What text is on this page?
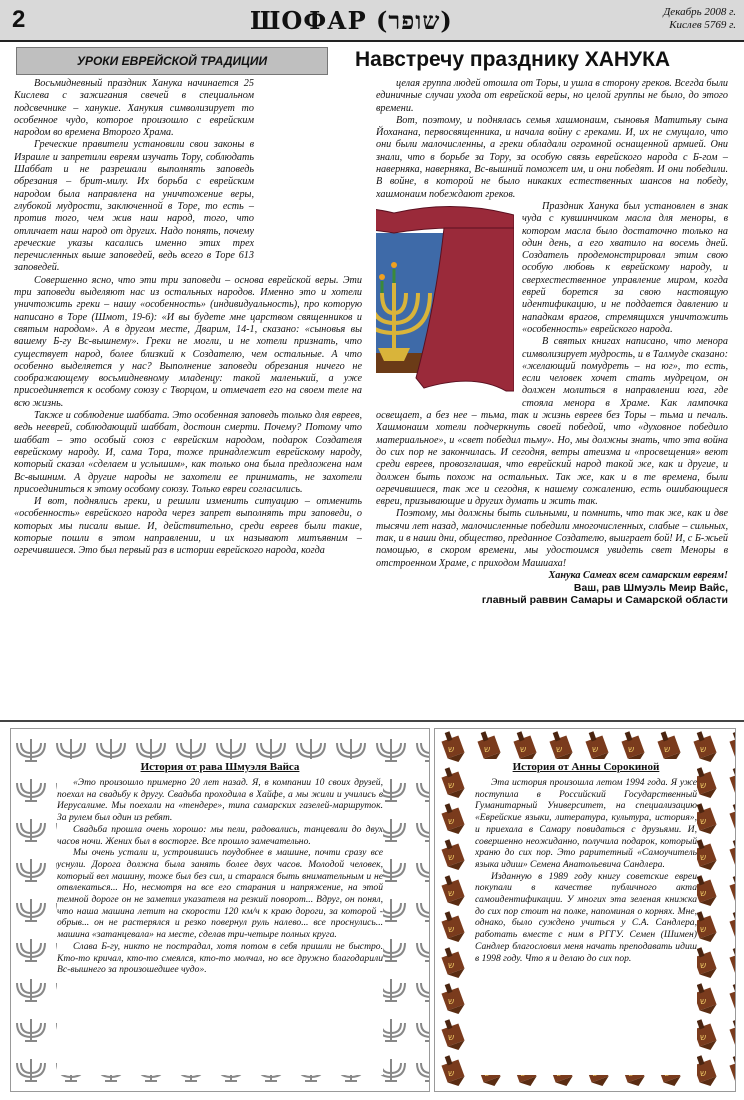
2	ШОФАР (שופר)	Декабрь 2008 г.
Кислев 5769 г.
УРОКИ ЕВРЕЙСКОЙ ТРАДИЦИИ	Навстречу празднику ХАНУКА

Восьмидневный праздник Ханука начинается 25 Кислева с зажигания свечей в специальном подсвечнике – ханукие. Ханукия символизирует то особенное чудо, которое произошло с еврейским народом во времена Второго Храма.

Греческие правители установили свои законы в Израиле и запретили евреям изучать Тору, соблюдать Шаббат и не разрешали выполнять заповедь обрезания – брит-милу. Их борьба с еврейским народом была направлена на уничтожение веры, глубокой мудрости, заключенной в Торе, то есть – против того, чем жив наш народ, того, что отличает наш народ от других. Надо понять, почему греческие указы касались именно этих трех перечисленных выше заповедей, ведь всего в Торе 613 заповедей.

Совершенно ясно, что эти три заповеди – основа еврейской веры. Эти три заповеди выделяют нас из остальных народов. Именно это и хотели уничтожить греки – нашу «особенность» (индивидуальность), про которую написано в Торе (Шмот, 19-6): «И вы будете мне царством священников и святым народом». А в другом месте, Дварим, 14-1, сказано: «сыновья вы вашему Б-гу Вс-вышнему». Греки не могли, и не хотели признать, что существует народ, более близкий к Создателю, чем остальные. А что особенно выделяется у нас? Выполнение заповеди обрезания ничего не соображающему восьмидневному младенцу: такой маленький, а уже присоединяется к особому союзу с Творцом, и отмечает его на своем теле на всю жизнь.

Также и соблюдение шаббата. Это особенная заповедь только для евреев, ведь нееврей, соблюдающий шаббат, достоин смерти. Почему? Потому что шаббат – это особый союз с еврейским народом, подарок Создателя еврейскому народу. И, сама Тора, тоже принадлежит еврейскому народу, который сказал «сделаем и услышим», как только она была предложена нам Вс-вышним. А другие народы не захотели ее принимать, не захотели присоединиться к этому особому союзу. Только евреи согласились.

И вот, поднялись греки, и решили изменить ситуацию – отменить «особенность» еврейского народа через запрет выполнять три заповеди, о которых мы писали выше. И, действительно, среди евреев были такие, которые пошли в этом направлении, и их называют митъявним – огречившиеся. Это был первый раз в истории еврейского народа, когда

целая группа людей отошла от Торы, и ушла в сторону греков. Всегда были единичные случаи ухода от еврейской веры, но целой группы не было, до этого времени.

Вот, поэтому, и поднялась семья хашмонаим, сыновья Матитьяу сына Йоханана, первосвященника, и начала войну с греками. И, их не смущало, что они были малочисленны, а греки обладали огромной оснащенной армией. Они знали, что в борьбе за Тору, за особую связь еврейского народа с Б-гом – наверняка, наверняка, Вс-вышний поможет им, и они победят. И они победили. В войне, в которой не было никаких естественных шансов на победу, хашмонаим побеждают греков.

Праздник Ханука был установлен в знак чуда с кувшинчиком масла для меноры, в котором масла было достаточно только на один день, а его хватило на восемь дней. Создатель продемонстрировал этим свою особую любовь к еврейскому народу, и сверхестественное управление миром, когда еврей борется за свою настоящую идентификацию, и не поддается давлению и нападкам врагов, стремящихся уничтожить «особенность» еврейского народа.

В святых книгах написано, что менора символизирует мудрость, и в Талмуде сказано: «желающий помудреть – на юг», то есть, если человек хочет стать мудрецом, он должен молиться в направлении юга, где стояла менора в Храме. Как лампочка освещает, а без нее – тьма, так и жизнь евреев без Торы – тьма и печаль. Хашмонаим хотели подчеркнуть своей победой, что «духовное победило материальное», и «свет победил тьму». Но, мы должны знать, что эта война до сих пор не закончилась. И сегодня, ветры атеизма и «просвещения» веют среди евреев, провозглашая, что еврейский народ такой же, как и другие, и должен быть похож на остальных. Так же, как и в те времена, были огречившиеся, так же и сегодня, к нашему сожалению, есть ошибающиеся евреи, призывающие и других думать и жить так.

Поэтому, мы должны быть сильными, и помнить, что так же, как и две тысячи лет назад, малочисленные победили многочисленных, слабые – сильных, так, и в наши дни, общество, преданное Создателю, выиграет бой! И, с Б-жьей помощью, в скором времени, мы удостоимся увидеть свет Меноры в отстроенном Храме, с приходом Машиаха!

Ханука Самеах всем самарским евреям!
Ваш, рав Шмуэль Меир Вайс,
главный раввин Самары и Самарской области
История от рава Шмуэля Вайса

«Это произошло примерно 20 лет назад. Я, в компании 10 своих друзей, поехал на свадьбу к другу. Свадьба проходила в Хайфе, а мы жили и учились в Иерусалиме. Мы поехали на «тендере», типа самарских газелей-маршруток. За рулем был один из ребят.

Свадьба прошла очень хорошо: мы пели, радовались, танцевали до двух часов ночи. Жених был в восторге. Все прошло замечательно.

Мы очень устали и, устроившись поудобнее в машине, почти сразу все уснули. Дорога должна была занять более двух часов. Молодой человек, который вел машину, тоже был без сил, и старался быть внимательным и не отвлекаться... Но, несмотря на все его старания и напряжение, на этой темной дороге он не заметил указателя на резкий поворот... Вдруг, он понял, что наша машина летит на скорости 120 км/ч к краю дороги, за которой - обрыв... он не растерялся и резко повернул руль налево... все проснулись... машина «затанцевала» на месте, сделав три-четыре полных круга.

Слава Б-гу, никто не пострадал, хотя потом в себя пришли не быстро. Кто-то кричал, кто-то смеялся, кто-то молчал, но все дружно благодарили Вс-вышнего за произошедшее чудо».

История от Анны Сорокиной

Эта история произошла летом 1994 года. Я уже поступила в Российский Государственный Гуманитарный Университет, на специализацию «Еврейские языки, литература, культура, история», и приехала в Самару повидаться с друзьями. И, совершенно неожиданно, получила подарок, который храню до сих пор. Это раритетный «Самоучитель языка идиш» Семена Анатольевича Сандлера.

Изданную в 1989 году книгу советские евреи покупали в качестве публичного акта самоидентификации. У многих эта зеленая книжка до сих пор стоит на полке, напоминая о корнях. Мне, однако, было суждено учиться у С.А. Сандлера, работать вместе с ним в РГГУ. Семен (Шимен) Сандлер благословил меня начать преподавать идиш в 1998 году. Что я и делаю до сих пор.
